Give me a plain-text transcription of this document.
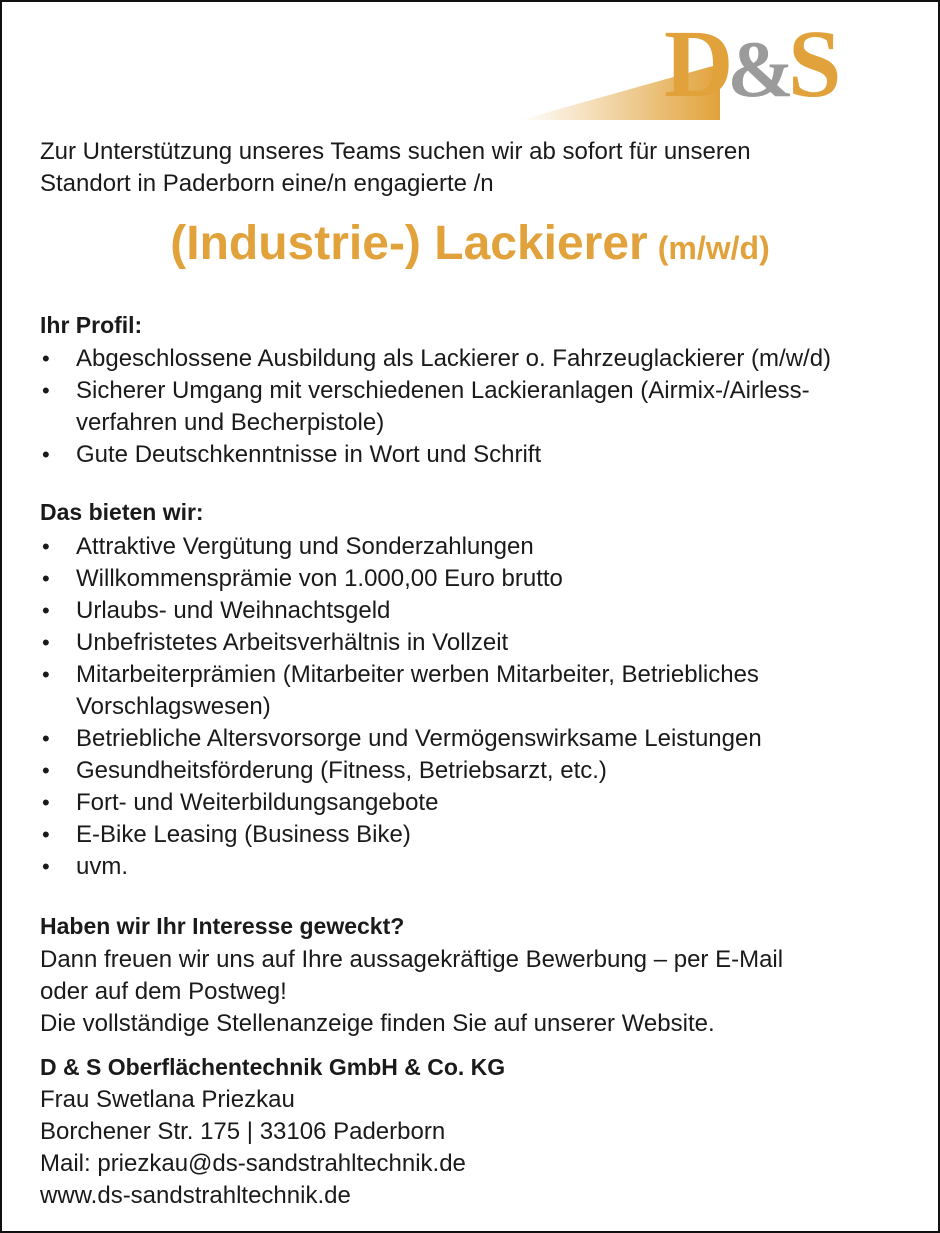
D&S
Zur Unterstützung unseres Teams suchen wir ab sofort für unseren
Standort in Paderborn eine/n engagierte /n
(Industrie-) Lackierer (m/w/d)
Ihr Profil:
• Abgeschlossene Ausbildung als Lackierer o. Fahrzeuglackierer (m/w/d)
• Sicherer Umgang mit verschiedenen Lackieranlagen (Airmix-/Airless-
verfahren und Becherpistole)
• Gute Deutschkenntnisse in Wort und Schrift
Das bieten wir:
• Attraktive Vergütung und Sonderzahlungen
• Willkommensprämie von 1.000,00 Euro brutto
• Urlaubs- und Weihnachtsgeld
• Unbefristetes Arbeitsverhältnis in Vollzeit
• Mitarbeiterprämien (Mitarbeiter werben Mitarbeiter, Betriebliches
Vorschlagswesen)
• Betriebliche Altersvorsorge und Vermögenswirksame Leistungen
• Gesundheitsförderung (Fitness, Betriebsarzt, etc.)
• Fort- und Weiterbildungsangebote
• E-Bike Leasing (Business Bike)
• uvm.
Haben wir Ihr Interesse geweckt?
Dann freuen wir uns auf Ihre aussagekräftige Bewerbung – per E-Mail
oder auf dem Postweg!
Die vollständige Stellenanzeige finden Sie auf unserer Website.
D & S Oberflächentechnik GmbH & Co. KG
Frau Swetlana Priezkau
Borchener Str. 175 | 33106 Paderborn
Mail: priezkau@ds-sandstrahltechnik.de
www.ds-sandstrahltechnik.de
